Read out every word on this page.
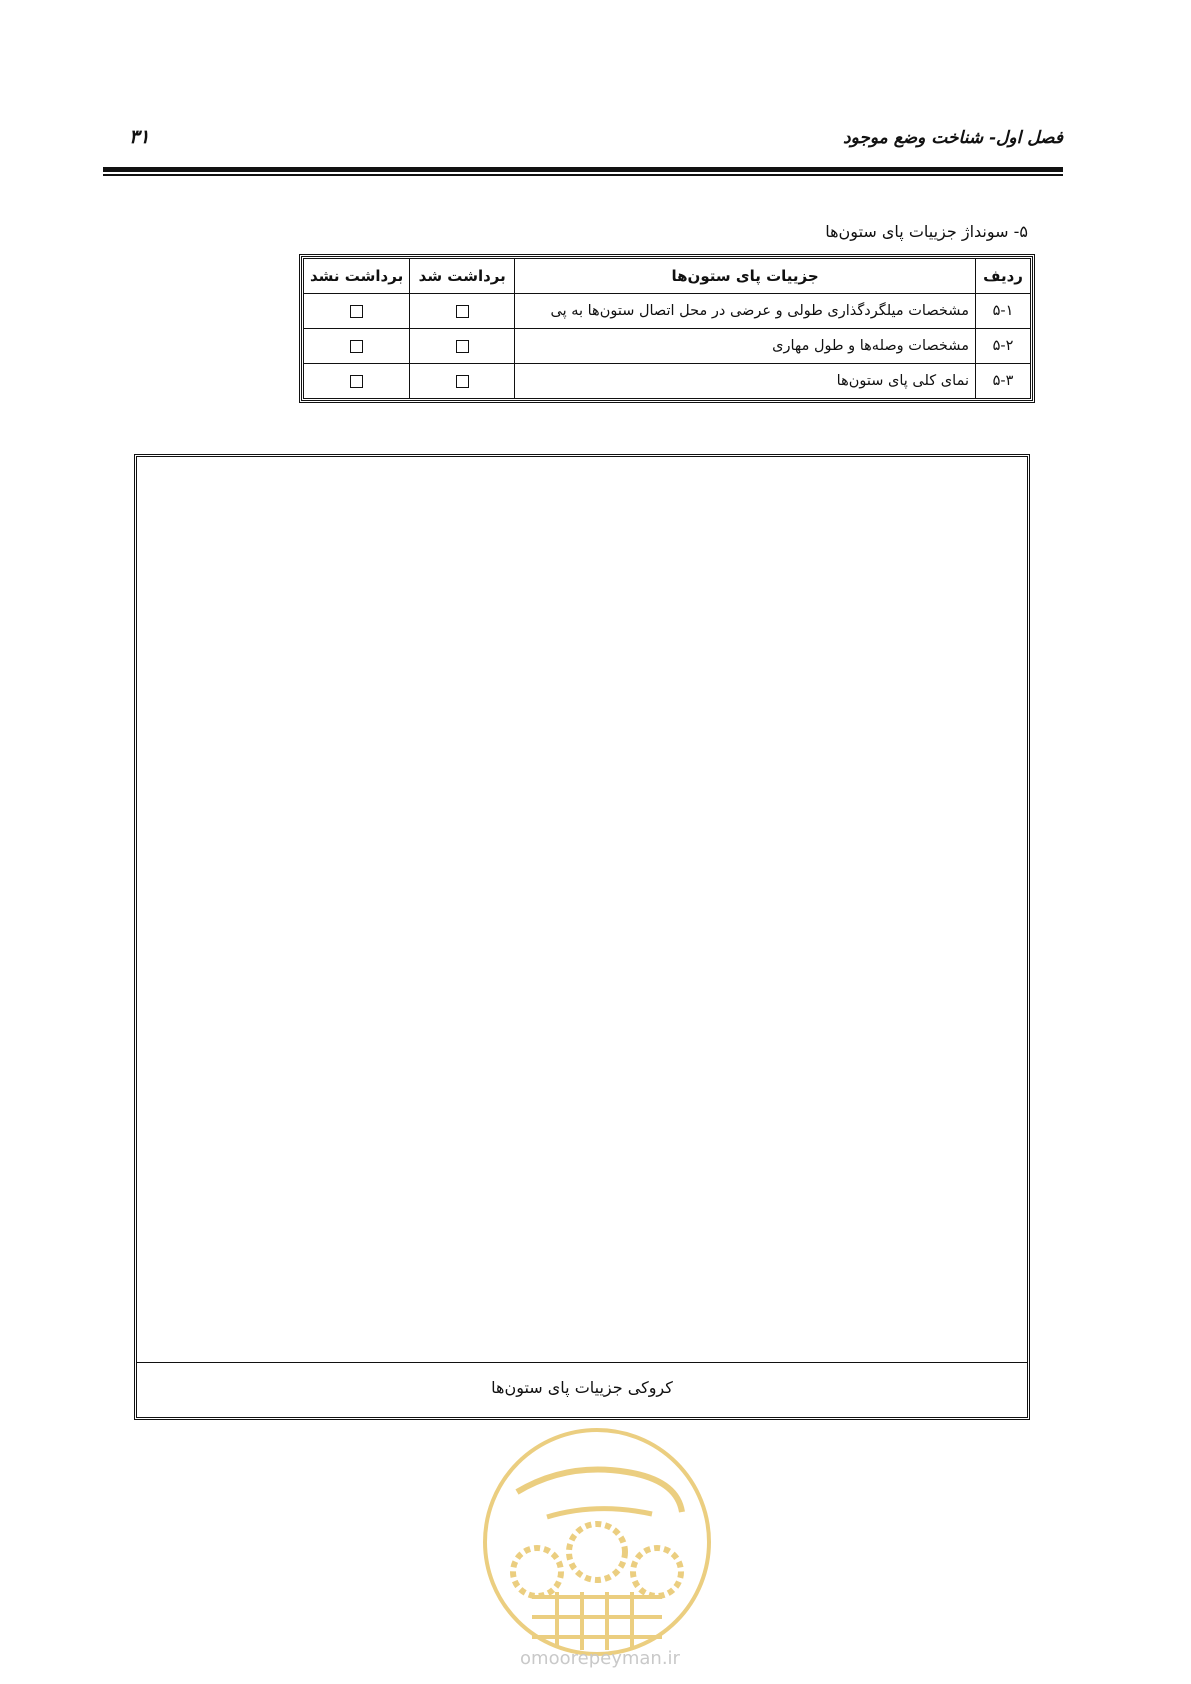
فصل اول- شناخت وضع موجود
۳۱
۵- سونداژ جزییات پای ستون‌ها
ردیف	جزییات پای ستون‌ها	برداشت شد	برداشت نشد
۵-۱	مشخصات میلگردگذاری طولی و عرضی در محل اتصال ستون‌ها به پی		
۵-۲	مشخصات وصله‌ها و طول مهاری		
۵-۳	نمای کلی پای ستون‌ها		
کروکی جزییات پای ستون‌ها
omoorepeyman.ir
